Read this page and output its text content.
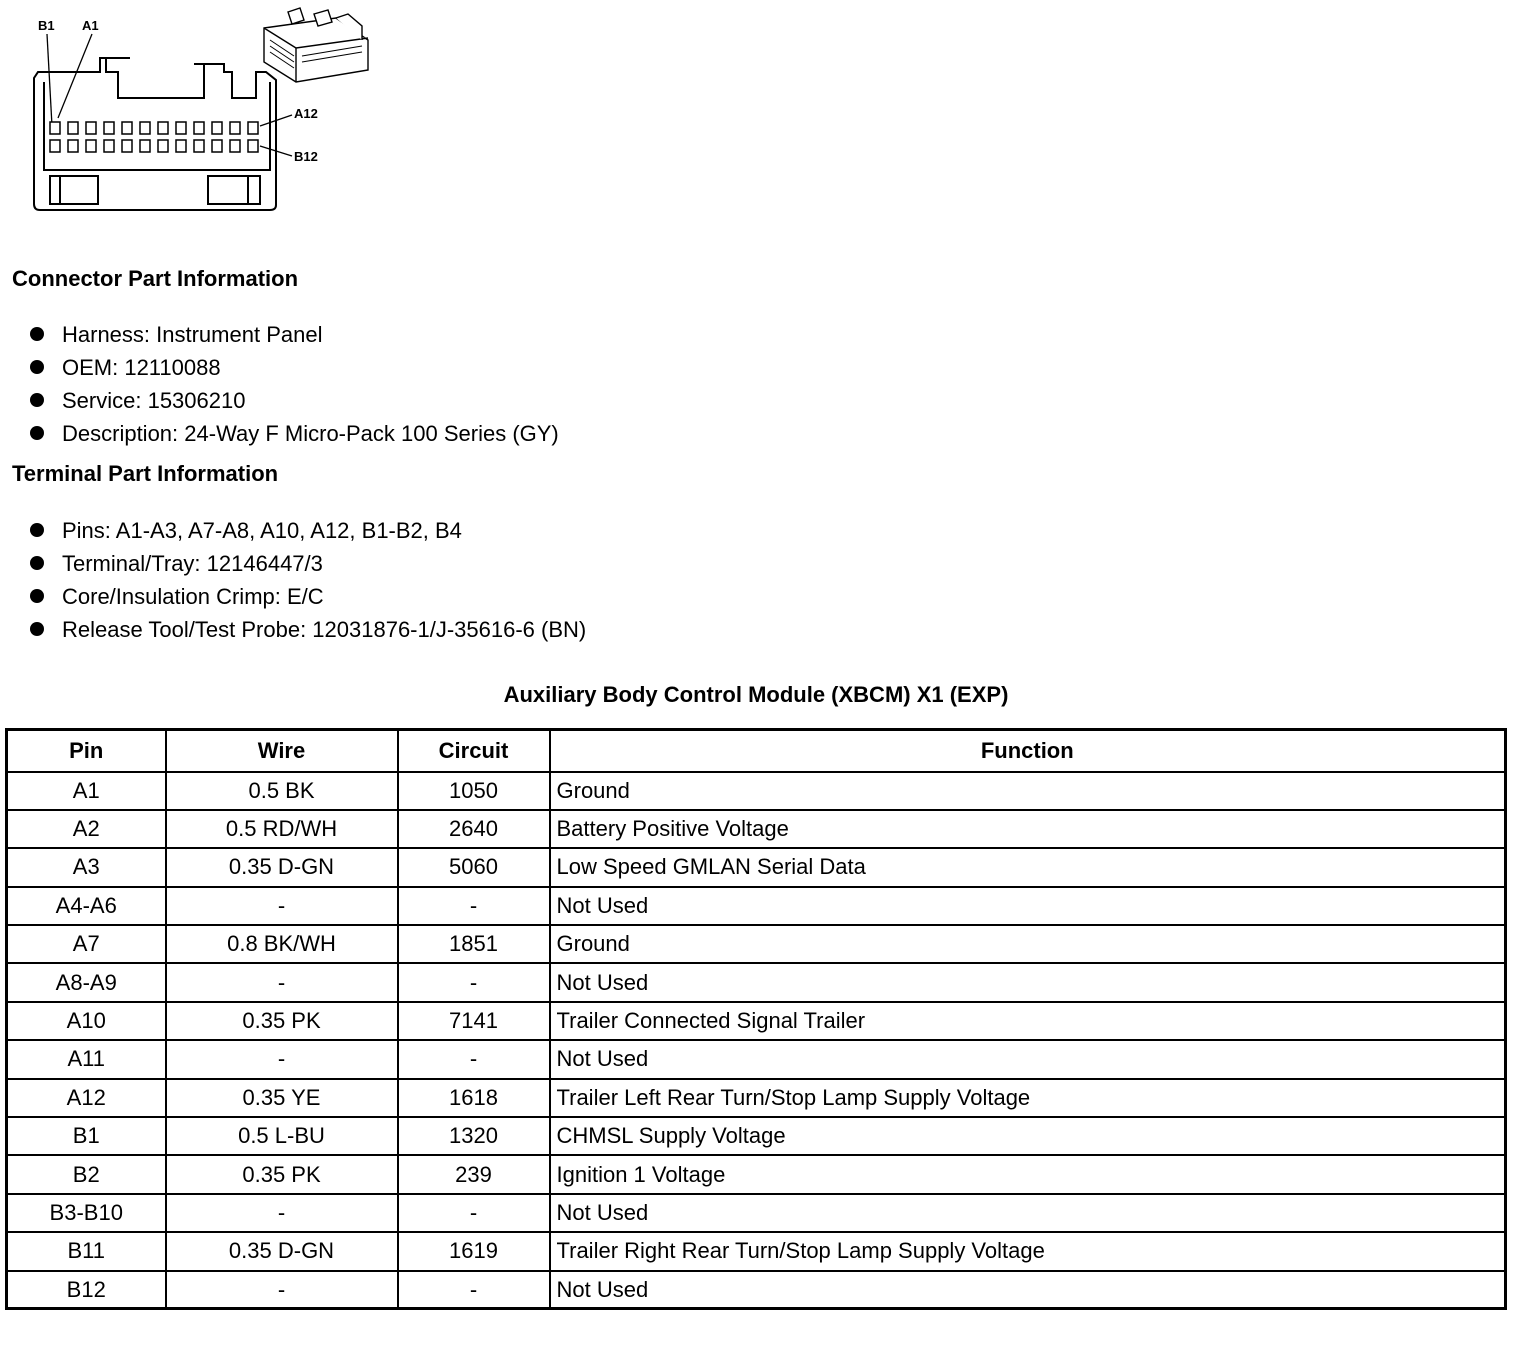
B1 A1
A12
B12
Connector Part Information
Harness: Instrument Panel
OEM: 12110088
Service: 15306210
Description: 24-Way F Micro-Pack 100 Series (GY)
Terminal Part Information
Pins: A1-A3, A7-A8, A10, A12, B1-B2, B4
Terminal/Tray: 12146447/3
Core/Insulation Crimp: E/C
Release Tool/Test Probe: 12031876-1/J-35616-6 (BN)
Auxiliary Body Control Module (XBCM) X1 (EXP)
Pin	Wire	Circuit	Function
A1	0.5 BK	1050	Ground
A2	0.5 RD/WH	2640	Battery Positive Voltage
A3	0.35 D-GN	5060	Low Speed GMLAN Serial Data
A4-A6	-	-	Not Used
A7	0.8 BK/WH	1851	Ground
A8-A9	-	-	Not Used
A10	0.35 PK	7141	Trailer Connected Signal Trailer
A11	-	-	Not Used
A12	0.35 YE	1618	Trailer Left Rear Turn/Stop Lamp Supply Voltage
B1	0.5 L-BU	1320	CHMSL Supply Voltage
B2	0.35 PK	239	Ignition 1 Voltage
B3-B10	-	-	Not Used
B11	0.35 D-GN	1619	Trailer Right Rear Turn/Stop Lamp Supply Voltage
B12	-	-	Not Used
